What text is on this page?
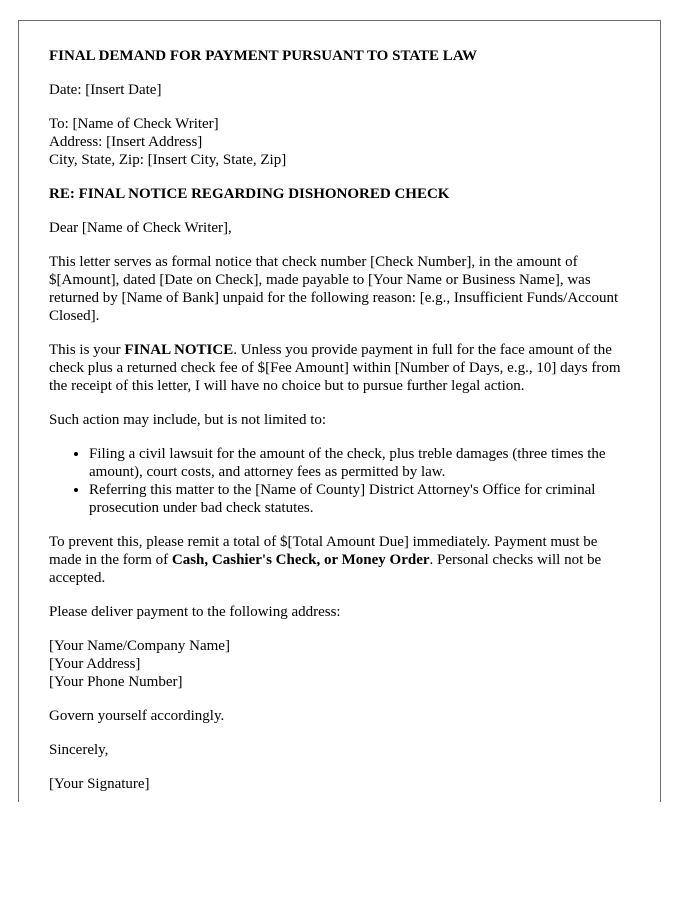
FINAL DEMAND FOR PAYMENT PURSUANT TO STATE LAW

Date: [Insert Date]

To: [Name of Check Writer]
Address: [Insert Address]
City, State, Zip: [Insert City, State, Zip]
RE: FINAL NOTICE REGARDING DISHONORED CHECK

Dear [Name of Check Writer],

This letter serves as formal notice that check number [Check Number], in the amount of $[Amount], dated [Date on Check], made payable to [Your Name or Business Name], was returned by [Name of Bank] unpaid for the following reason: [e.g., Insufficient Funds/Account Closed].

This is your FINAL NOTICE. Unless you provide payment in full for the face amount of the check plus a returned check fee of $[Fee Amount] within [Number of Days, e.g., 10] days from the receipt of this letter, I will have no choice but to pursue further legal action.

Such action may include, but is not limited to:

• Filing a civil lawsuit for the amount of the check, plus treble damages (three times the amount), court costs, and attorney fees as permitted by law.
• Referring this matter to the [Name of County] District Attorney's Office for criminal prosecution under bad check statutes.

To prevent this, please remit a total of $[Total Amount Due] immediately. Payment must be made in the form of Cash, Cashier's Check, or Money Order. Personal checks will not be accepted.

Please deliver payment to the following address:

[Your Name/Company Name]
[Your Address]
[Your Phone Number]

Govern yourself accordingly.

Sincerely,

[Your Signature]
